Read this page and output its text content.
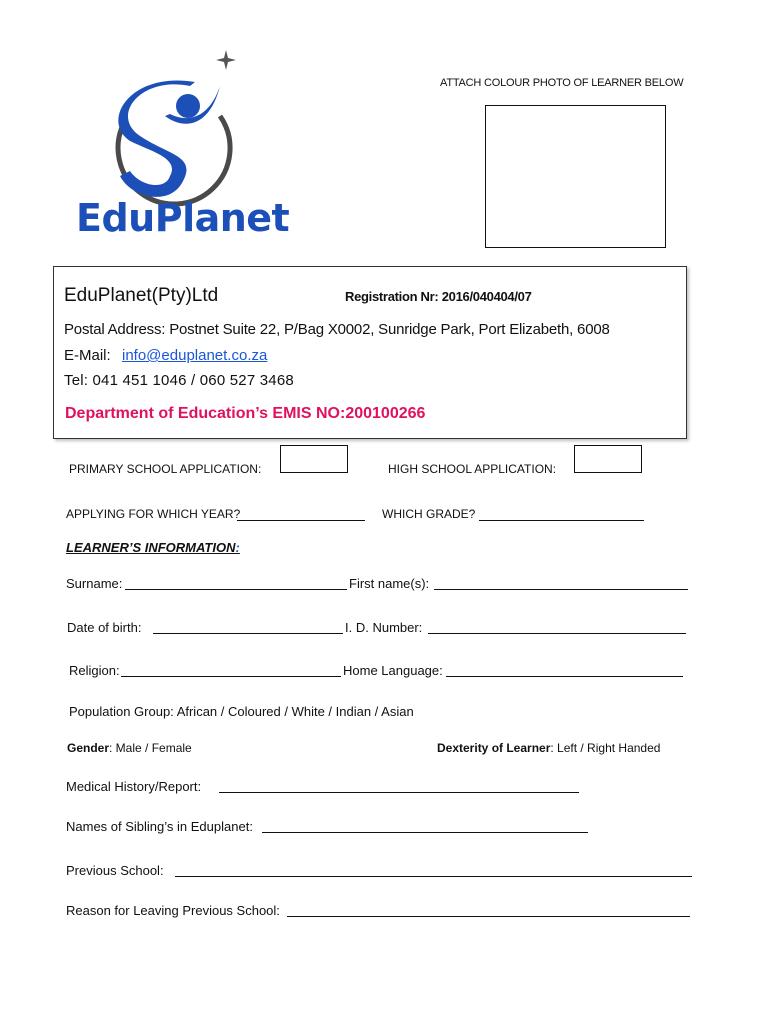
EduPlanet
ATTACH COLOUR PHOTO OF LEARNER BELOW
EduPlanet(Pty)Ltd	Registration Nr: 2016/040404/07
Postal Address: Postnet Suite 22, P/Bag X0002, Sunridge Park, Port Elizabeth, 6008
E-Mail: info@eduplanet.co.za
Tel: 041 451 1046 / 060 527 3468
Department of Education’s EMIS NO:200100266
PRIMARY SCHOOL APPLICATION:	HIGH SCHOOL APPLICATION:
APPLYING FOR WHICH YEAR?	WHICH GRADE?
LEARNER’S INFORMATION:
Surname:	First name(s):
Date of birth:	I. D. Number:
Religion:	Home Language:
Population Group: African / Coloured / White / Indian / Asian
Gender: Male / Female	Dexterity of Learner: Left / Right Handed
Medical History/Report:
Names of Sibling’s in Eduplanet:
Previous School:
Reason for Leaving Previous School:
